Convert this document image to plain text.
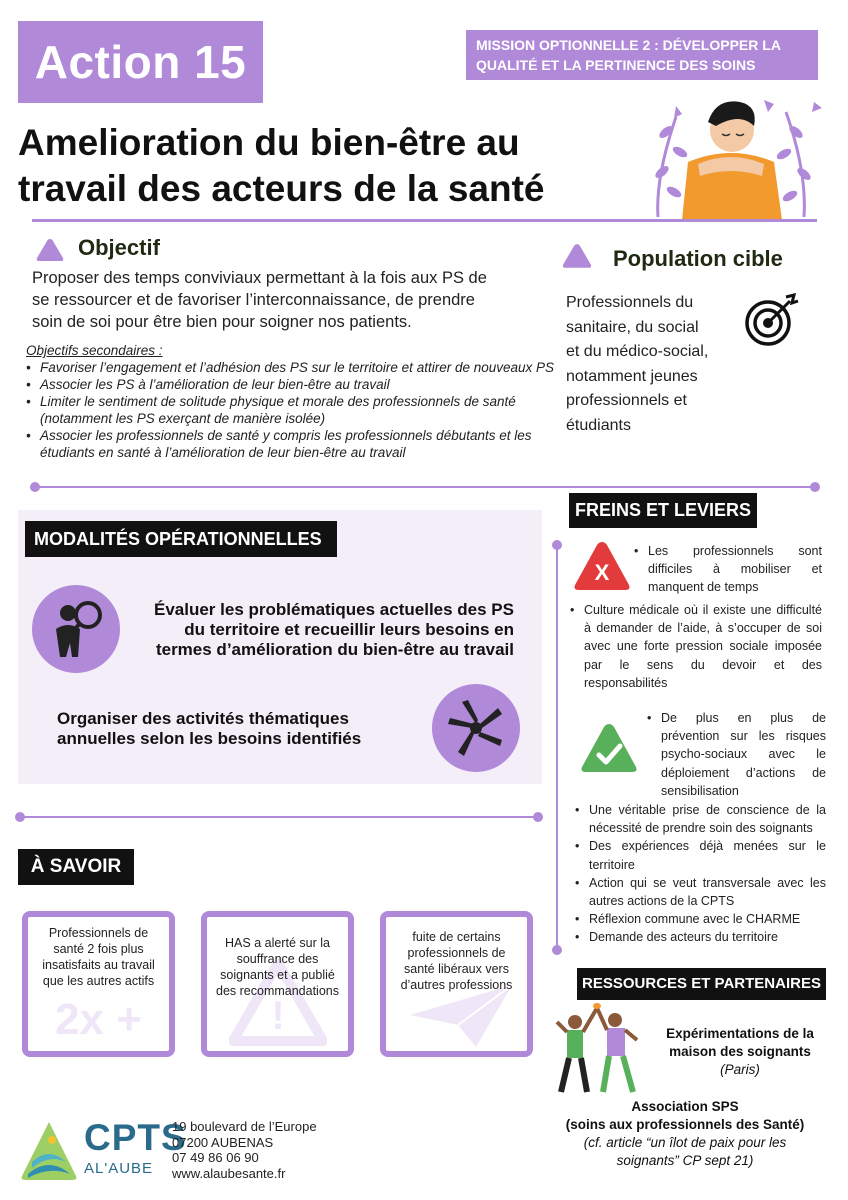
Action 15	MISSION OPTIONNELLE 2 : DÉVELOPPER LA
QUALITÉ ET LA PERTINENCE DES SOINS
Amelioration du bien-être au
travail des acteurs de la santé
Objectif
Proposer des temps conviviaux permettant à la fois aux PS de
se ressourcer et de favoriser l’interconnaissance, de prendre
soin de soi pour être bien pour soigner nos patients.
Objectifs secondaires :
• Favoriser l’engagement et l’adhésion des PS sur le territoire et attirer de nouveaux PS
• Associer les PS à l’amélioration de leur bien-être au travail
• Limiter le sentiment de solitude physique et morale des professionnels de santé (notamment les PS exerçant de manière isolée)
• Associer les professionnels de santé y compris les professionnels débutants et les étudiants en santé à l’amélioration de leur bien-être au travail
Population cible
Professionnels du
sanitaire, du social
et du médico-social,
notamment jeunes
professionnels et
étudiants
MODALITÉS OPÉRATIONNELLES
Évaluer les problématiques actuelles des PS
du territoire et recueillir leurs besoins en
termes d’amélioration du bien-être au travail
Organiser des activités thématiques
annuelles selon les besoins identifiés
FREINS ET LEVIERS
X
• Les professionnels sont difficiles à mobiliser et manquent de temps
• Culture médicale où il existe une difficulté à demander de l’aide, à s’occuper de soi avec une forte pression sociale imposée par le sens du devoir et des responsabilités
• De plus en plus de prévention sur les risques psycho-sociaux avec le déploiement d’actions de sensibilisation
• Une véritable prise de conscience de la nécessité de prendre soin des soignants
• Des expériences déjà menées sur le territoire
• Action qui se veut transversale avec les autres actions de la CPTS
• Réflexion commune avec le CHARME
• Demande des acteurs du territoire
À SAVOIR
2x +
Professionnels de santé 2 fois plus insatisfaits au travail que les autres actifs
!
HAS a alerté sur la souffrance des soignants et a publié des recommandations
fuite de certains professionnels de santé libéraux vers d’autres professions	RESSOURCES ET PARTENAIRES
Expérimentations de la
maison des soignants
(Paris)
Association SPS
(soins aux professionnels des Santé)
(cf. article “un îlot de paix pour les
soignants” CP sept 21)
CPTS
AL'AUBE
19 boulevard de l’Europe
07200 AUBENAS
07 49 86 06 90
www.alaubesante.fr
